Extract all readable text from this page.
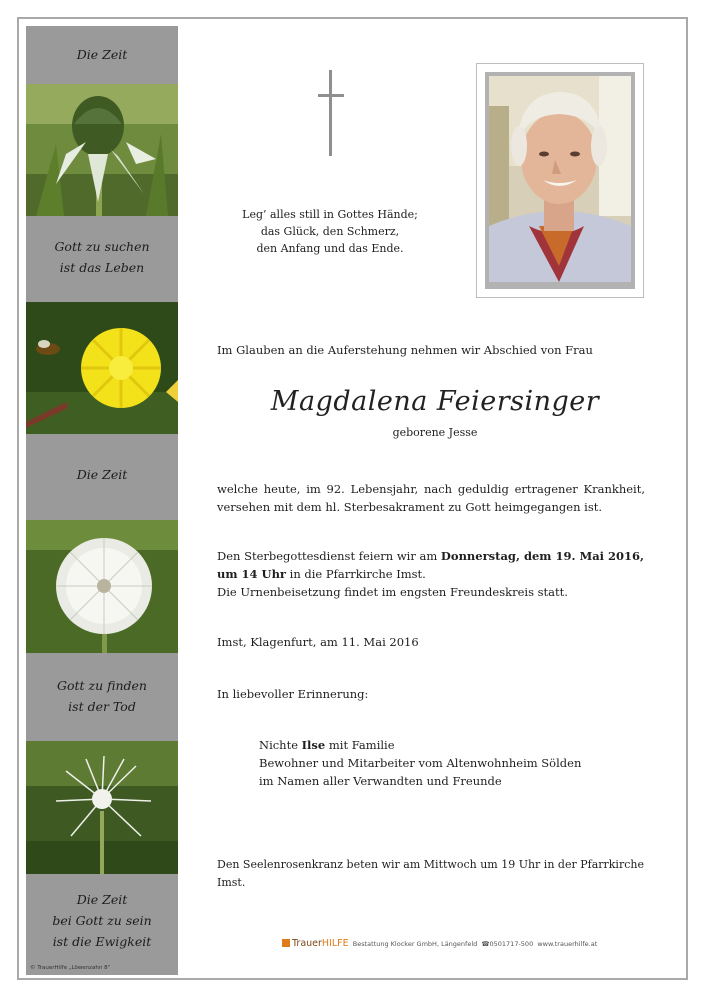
Die Zeit
Gott zu suchen
ist das Leben
Die Zeit
Gott zu finden
ist der Tod
Die Zeit
bei Gott zu sein
ist die Ewigkeit
Leg’ alles still in Gottes Hände;
das Glück, den Schmerz,
den Anfang und das Ende.
Im Glauben an die Auferstehung nehmen wir Abschied von Frau
Magdalena Feiersinger
geborene Jesse
welche heute, im 92. Lebensjahr, nach geduldig ertragener Krankheit, versehen mit dem hl. Sterbesakrament zu Gott heimgegangen ist.
Den Sterbegottesdienst feiern wir am Donnerstag, dem 19. Mai 2016, um 14 Uhr in die Pfarrkirche Imst.
Die Urnenbeisetzung findet im engsten Freundeskreis statt.
Imst, Klagenfurt, am 11. Mai 2016
In liebevoller Erinnerung:
Nichte Ilse mit Familie
Bewohner und Mitarbeiter vom Altenwohnheim Sölden
im Namen aller Verwandten und Freunde
Den Seelenrosenkranz beten wir am Mittwoch um 19 Uhr in der Pfarrkirche Imst.
TrauerHILFE Bestattung Klocker GmbH, Längenfeld ☎0501717-500 www.trauerhilfe.at
© TrauerHilfe „Löwenzahn 8“
